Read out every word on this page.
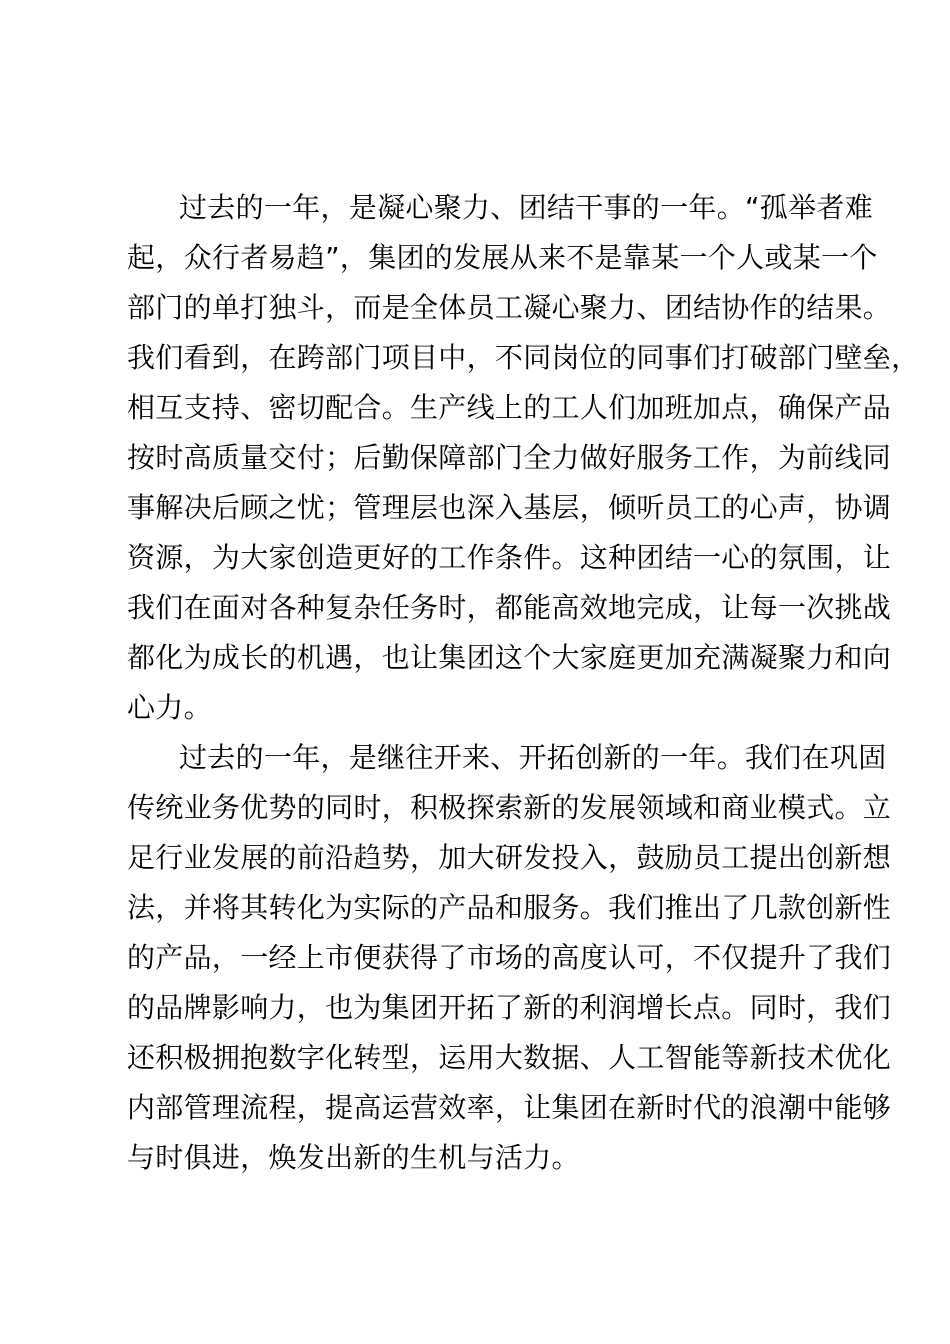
过去的一年，是凝心聚力、团结干事的一年。“孤举者难
起，众行者易趋”，集团的发展从来不是靠某一个人或某一个
部门的单打独斗，而是全体员工凝心聚力、团结协作的结果。
我们看到，在跨部门项目中，不同岗位的同事们打破部门壁垒，
相互支持、密切配合。生产线上的工人们加班加点，确保产品
按时高质量交付；后勤保障部门全力做好服务工作，为前线同
事解决后顾之忧；管理层也深入基层，倾听员工的心声，协调
资源，为大家创造更好的工作条件。这种团结一心的氛围，让
我们在面对各种复杂任务时，都能高效地完成，让每一次挑战
都化为成长的机遇，也让集团这个大家庭更加充满凝聚力和向
心力。

过去的一年，是继往开来、开拓创新的一年。我们在巩固
传统业务优势的同时，积极探索新的发展领域和商业模式。立
足行业发展的前沿趋势，加大研发投入，鼓励员工提出创新想
法，并将其转化为实际的产品和服务。我们推出了几款创新性
的产品，一经上市便获得了市场的高度认可，不仅提升了我们
的品牌影响力，也为集团开拓了新的利润增长点。同时，我们
还积极拥抱数字化转型，运用大数据、人工智能等新技术优化
内部管理流程，提高运营效率，让集团在新时代的浪潮中能够
与时俱进，焕发出新的生机与活力。
